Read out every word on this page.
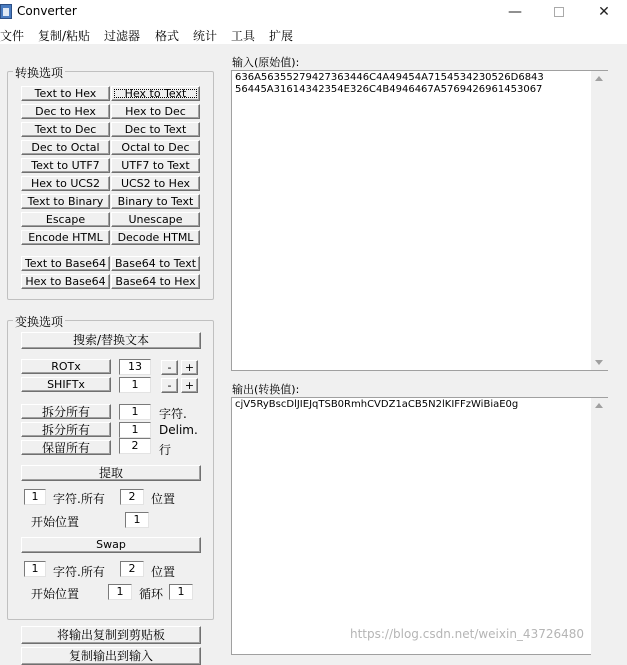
Converter	—	✕
文件 复制/粘贴 过滤器 格式 统计 工具 扩展
转换选项
Text to Hex	Hex to Text
Dec to Hex	Hex to Dec
Text to Dec	Dec to Text
Dec to Octal	Octal to Dec
Text to UTF7	UTF7 to Text
Hex to UCS2	UCS2 to Hex
Text to Binary	Binary to Text
Escape	Unescape
Encode HTML	Decode HTML
Text to Base64 Base64 to Text
Hex to Base64 Base64 to Hex
变换选项
搜索/替换文本
ROTx	13	-	+
SHIFTx	1	-	+
拆分所有	1	字符.
拆分所有	1	Delim.
保留所有	2	行
提取
1	字符.所有	2	位置
开始位置	1
Swap
1	字符.所有	2	位置
开始位置	1	循环	1
将输出复制到剪贴板
复制输出到输入
输入(原始值):
636A56355279427363446C4A49454A7154534230526D6843
56445A31614342354E326C4B4946467A5769426961453067
输出(转换值):
cjV5RyBscDlJIEJqTSB0RmhCVDZ1aCB5N2lKIFFzWiBiaE0g
https://blog.csdn.net/weixin_43726480
